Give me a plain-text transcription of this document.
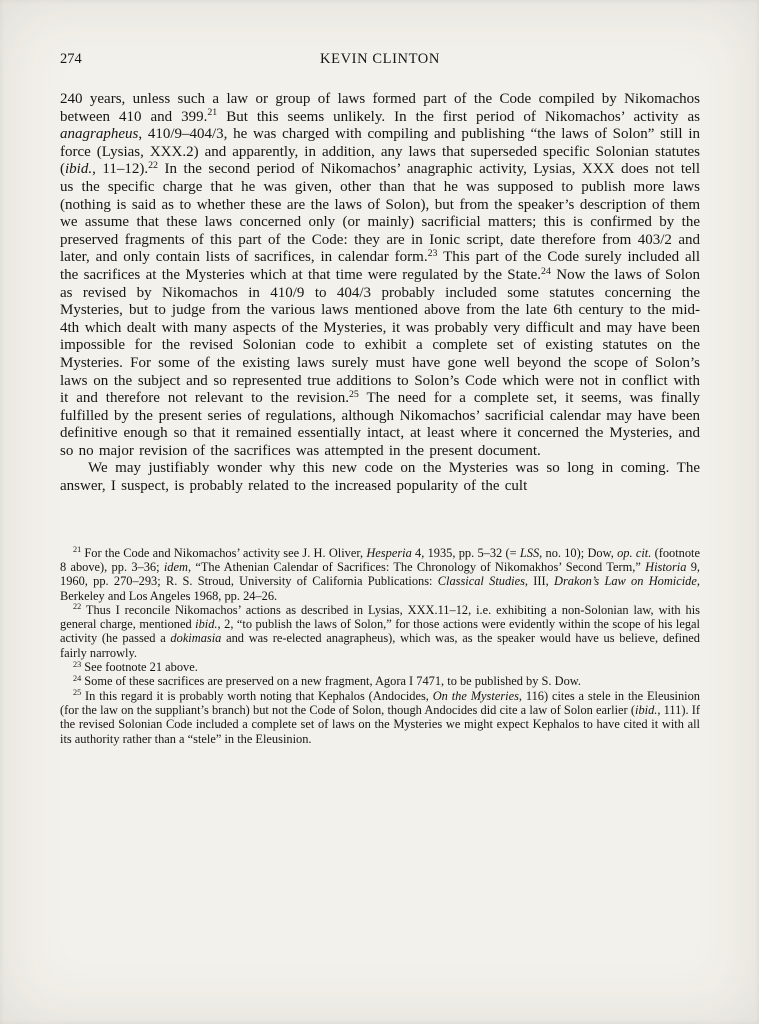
274	KEVIN CLINTON

240 years, unless such a law or group of laws formed part of the Code compiled by Nikomachos between 410 and 399.21 But this seems unlikely. In the first period of Nikomachos’ activity as anagrapheus, 410/9–404/3, he was charged with compiling and publishing “the laws of Solon” still in force (Lysias, XXX.2) and apparently, in addition, any laws that superseded specific Solonian statutes (ibid., 11–12).$^{22}$ In the second period of Nikomachos’ anagraphic activity, Lysias, XXX does not tell us the specific charge that he was given, other than that he was supposed to publish more laws (nothing is said as to whether these are the laws of Solon), but from the speaker’s description of them we assume that these laws concerned only (or mainly) sacrificial matters; this is confirmed by the preserved fragments of this part of the Code: they are in Ionic script, date therefore from 403/2 and later, and only contain lists of sacrifices, in calendar form.$^{23}$ This part of the Code surely included all the sacrifices at the Mysteries which at that time were regulated by the State.$^{24}$ Now the laws of Solon as revised by Nikomachos in 410/9 to 404/3 probably included some statutes concerning the Mysteries, but to judge from the various laws mentioned above from the late 6th century to the mid-4th which dealt with many aspects of the Mysteries, it was probably very difficult and may have been impossible for the revised Solonian code to exhibit a complete set of existing statutes on the Mysteries. For some of the existing laws surely must have gone well beyond the scope of Solon’s laws on the subject and so represented true additions to Solon’s Code which were not in conflict with it and therefore not relevant to the revision.$^{25}$ The need for a complete set, it seems, was finally fulfilled by the present series of regulations, although Nikomachos’ sacrificial calendar may have been definitive enough so that it remained essentially intact, at least where it concerned the Mysteries, and so no major revision of the sacrifices was attempted in the present document.

We may justifiably wonder why this new code on the Mysteries was so long in coming. The answer, I suspect, is probably related to the increased popularity of the cult

$^{21}$ For the Code and Nikomachos’ activity see J. H. Oliver, Hesperia 4, 1935, pp. 5–32 (= LSS, no. 10); Dow, op. cit. (footnote 8 above), pp. 3–36; idem, “The Athenian Calendar of Sacrifices: The Chronology of Nikomakhos’ Second Term,” Historia 9, 1960, pp. 270–293; R. S. Stroud, University of California Publications: Classical Studies, III, Drakon’s Law on Homicide, Berkeley and Los Angeles 1968, pp. 24–26.

$^{22}$ Thus I reconcile Nikomachos’ actions as described in Lysias, XXX.11–12, i.e. exhibiting a non-Solonian law, with his general charge, mentioned ibid., 2, “to publish the laws of Solon,” for those actions were evidently within the scope of his legal activity (he passed a dokimasia and was re-elected anagrapheus), which was, as the speaker would have us believe, defined fairly narrowly.

$^{23}$ See footnote 21 above.

$^{24}$ Some of these sacrifices are preserved on a new fragment, Agora I 7471, to be published by S. Dow.

$^{25}$ In this regard it is probably worth noting that Kephalos (Andocides, On the Mysteries, 116) cites a stele in the Eleusinion (for the law on the suppliant’s branch) but not the Code of Solon, though Andocides did cite a law of Solon earlier (ibid., 111). If the revised Solonian Code included a complete set of laws on the Mysteries we might expect Kephalos to have cited it with all its authority rather than a “stele” in the Eleusinion.
